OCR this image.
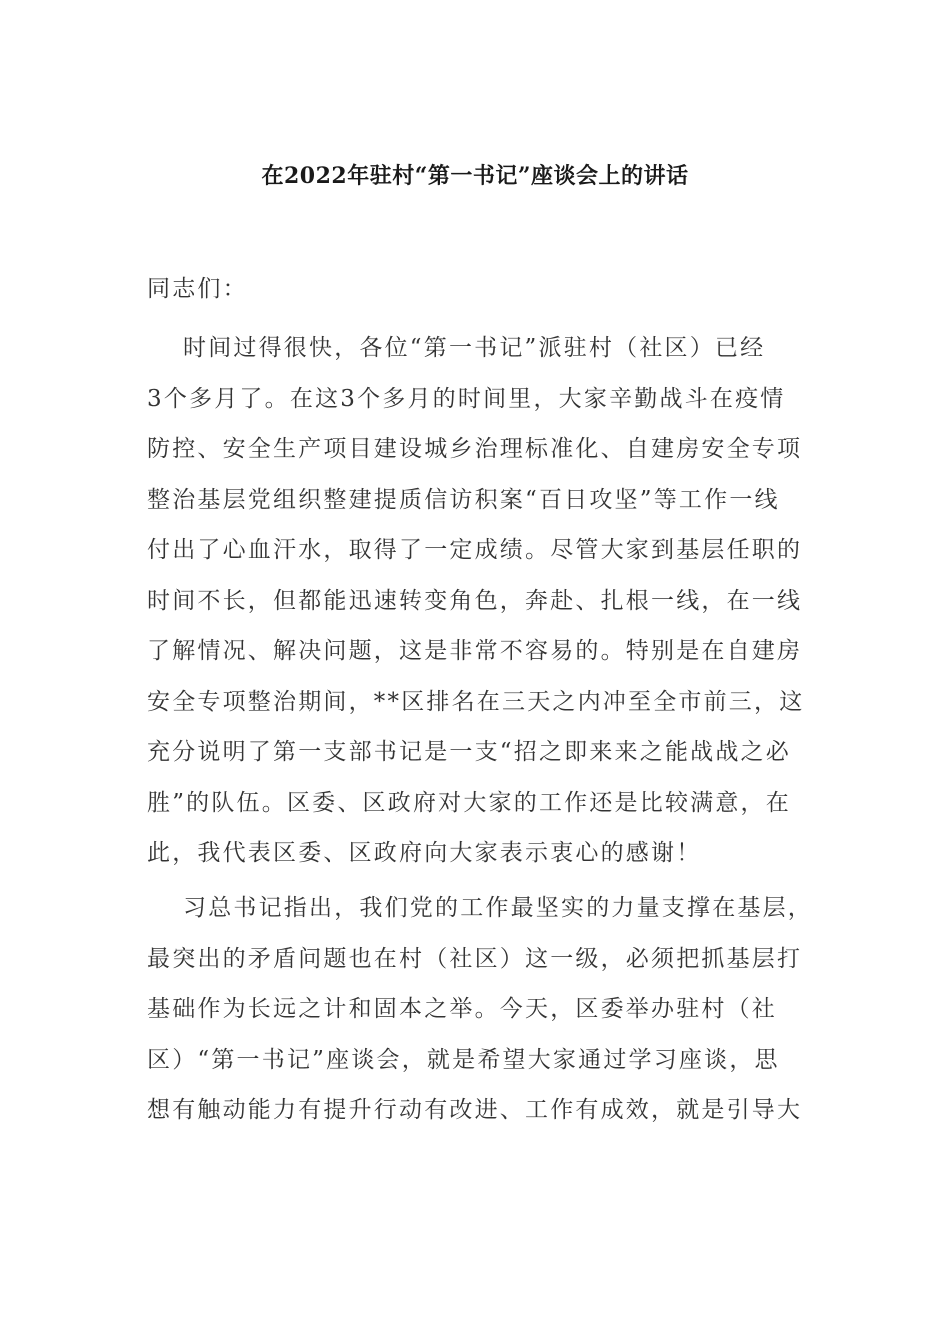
在2022年驻村“第一书记”座谈会上的讲话
同志们：
时间过得很快，各位“第一书记”派驻村（社区）已经
3个多月了。在这3个多月的时间里，大家辛勤战斗在疫情
防控、安全生产项目建设城乡治理标准化、自建房安全专项
整治基层党组织整建提质信访积案“百日攻坚”等工作一线
付出了心血汗水，取得了一定成绩。尽管大家到基层任职的
时间不长，但都能迅速转变角色，奔赴、扎根一线，在一线
了解情况、解决问题，这是非常不容易的。特别是在自建房
安全专项整治期间，**区排名在三天之内冲至全市前三，这
充分说明了第一支部书记是一支“招之即来来之能战战之必
胜”的队伍。区委、区政府对大家的工作还是比较满意，在
此，我代表区委、区政府向大家表示衷心的感谢！
习总书记指出，我们党的工作最坚实的力量支撑在基层，
最突出的矛盾问题也在村（社区）这一级，必须把抓基层打
基础作为长远之计和固本之举。今天，区委举办驻村（社
区）“第一书记”座谈会，就是希望大家通过学习座谈，思
想有触动能力有提升行动有改进、工作有成效，就是引导大
